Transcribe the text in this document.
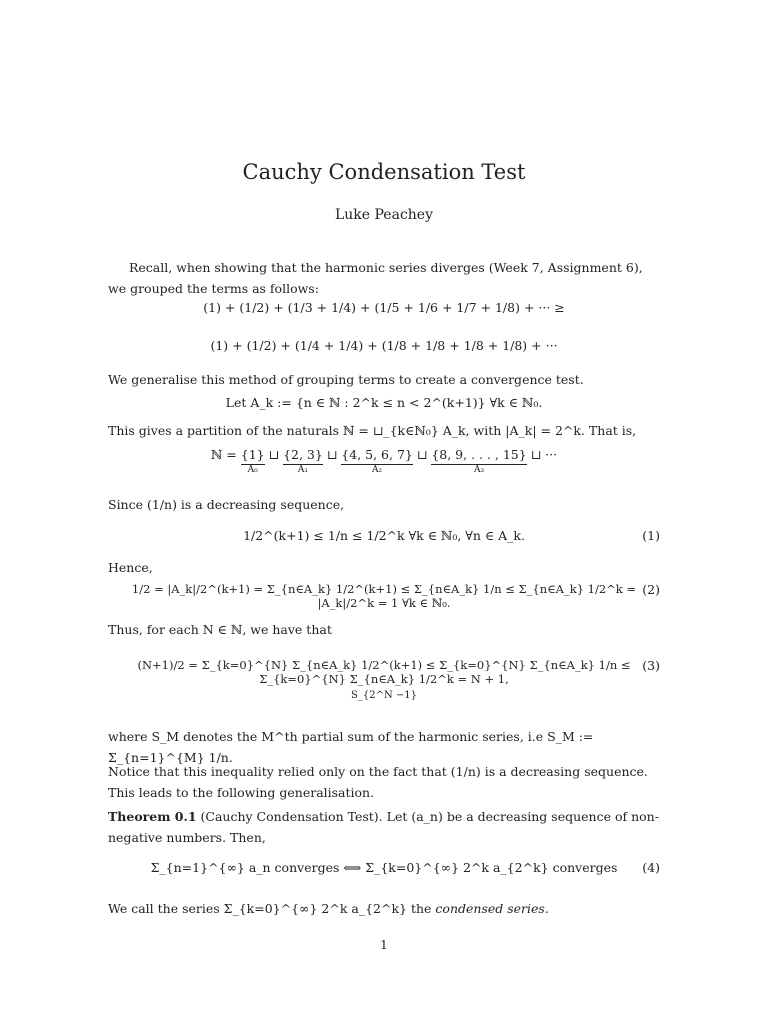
Cauchy Condensation Test
Luke Peachey
Recall, when showing that the harmonic series diverges (Week 7, Assignment 6), we grouped the terms as follows:
(1) + (1/2) + (1/3 + 1/4) + (1/5 + 1/6 + 1/7 + 1/8) + ··· ≥
(1) + (1/2) + (1/4 + 1/4) + (1/8 + 1/8 + 1/8 + 1/8) + ···
We generalise this method of grouping terms to create a convergence test.
Let A_k := {n ∈ ℕ : 2^k ≤ n < 2^(k+1)} ∀k ∈ ℕ₀.
This gives a partition of the naturals ℕ = ⊔_{k∈ℕ₀} A_k, with |A_k| = 2^k. That is,
ℕ = {1}
A₀
⊔ {2, 3}
A₁
⊔ {4, 5, 6, 7}
A₂
⊔ {8, 9, . . . , 15}
A₃
⊔ ···
Since (1/n) is a decreasing sequence,
1/2^(k+1) ≤ 1/n ≤ 1/2^k ∀k ∈ ℕ₀, ∀n ∈ A_k.	(1)
Hence,
1/2 = |A_k|/2^(k+1) = Σ_{n∈A_k} 1/2^(k+1) ≤ Σ_{n∈A_k} 1/n ≤ Σ_{n∈A_k} 1/2^k = |A_k|/2^k = 1 ∀k ∈ ℕ₀.
(2)
Thus, for each N ∈ ℕ, we have that
(N+1)/2 = Σ_{k=0}^{N} Σ_{n∈A_k} 1/2^(k+1) ≤ Σ_{k=0}^{N} Σ_{n∈A_k} 1/n ≤ Σ_{k=0}^{N} Σ_{n∈A_k} 1/2^k = N + 1,
S_{2^N −1}
(3)
where S_M denotes the M^th partial sum of the harmonic series, i.e S_M := Σ_{n=1}^{M} 1/n.
Notice that this inequality relied only on the fact that (1/n) is a decreasing sequence. This leads to the following generalisation.
Theorem 0.1 (Cauchy Condensation Test). Let (a_n) be a decreasing sequence of non-negative numbers. Then,
Σ_{n=1}^{∞} a_n converges ⟺ Σ_{k=0}^{∞} 2^k a_{2^k} converges	(4)
We call the series Σ_{k=0}^{∞} 2^k a_{2^k} the condensed series.
1
